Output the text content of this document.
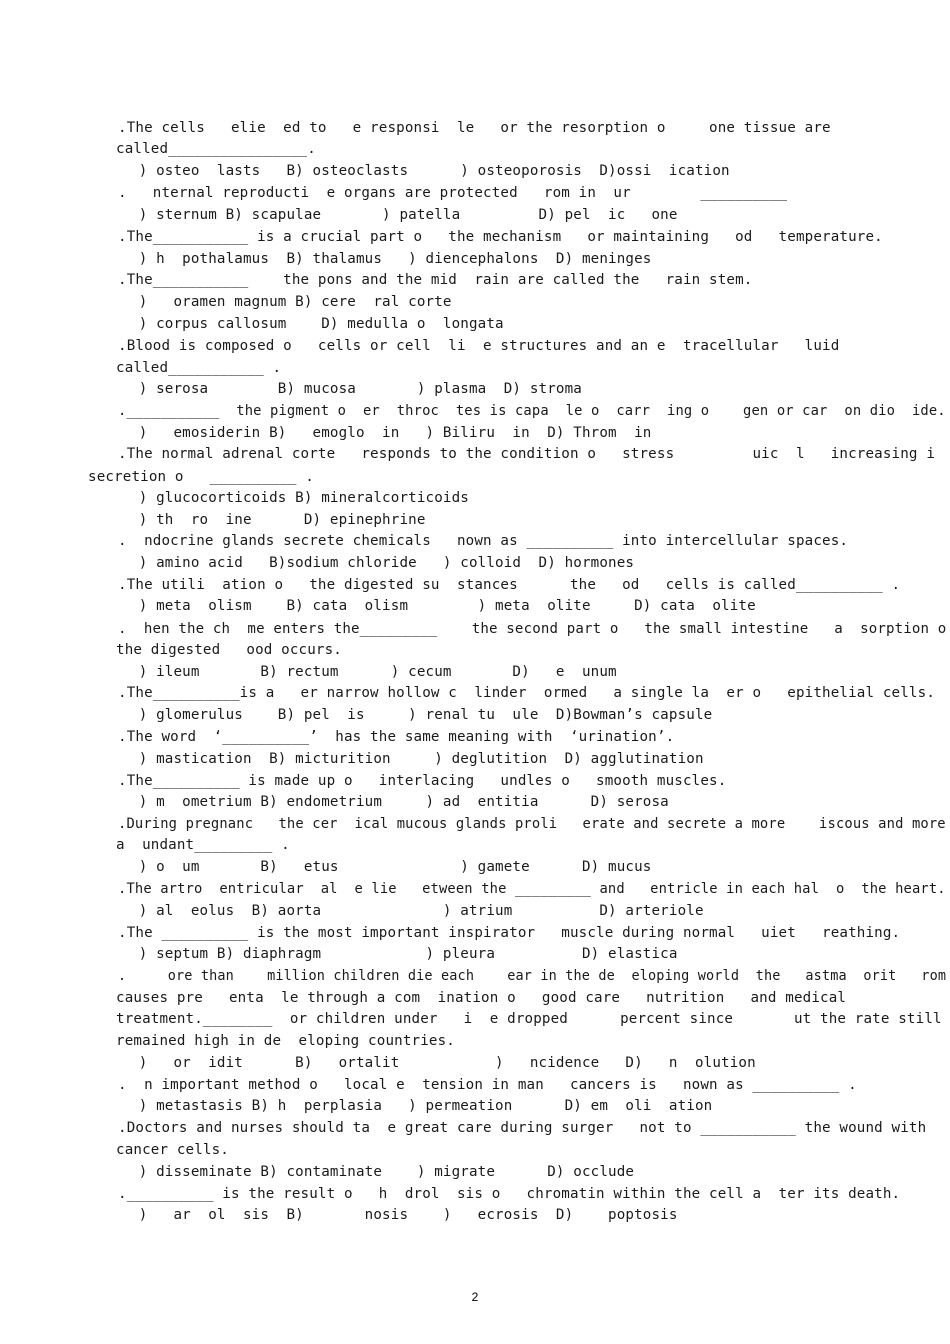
.The cells   elie  ed to   e responsi  le   or the resorption o     one tissue are

called________________.

) osteo  lasts   B) osteoclasts      ) osteoporosis  D)ossi  ication

.   nternal reproducti  e organs are protected   rom in  ur        __________

) sternum B) scapulae       ) patella         D) pel  ic   one

.The___________ is a crucial part o   the mechanism   or maintaining   od   temperature.

) h  pothalamus  B) thalamus   ) diencephalons  D) meninges

.The___________    the pons and the mid  rain are called the   rain stem.

)   oramen magnum B) cere  ral corte

) corpus callosum    D) medulla o  longata

.Blood is composed o   cells or cell  li  e structures and an e  tracellular   luid

called___________ .

) serosa        B) mucosa       ) plasma  D) stroma

.___________  the pigment o  er  throc  tes is capa  le o  carr  ing o    gen or car  on dio  ide.

)   emosiderin B)   emoglo  in   ) Biliru  in  D) Throm  in

.The normal adrenal corte   responds to the condition o   stress         uic  l   increasing i

secretion o   __________ .

) glucocorticoids B) mineralcorticoids

) th  ro  ine      D) epinephrine

.  ndocrine glands secrete chemicals   nown as __________ into intercellular spaces.

) amino acid   B)sodium chloride   ) colloid  D) hormones

.The utili  ation o   the digested su  stances      the   od   cells is called__________ .

) meta  olism    B) cata  olism        ) meta  olite     D) cata  olite

.  hen the ch  me enters the_________    the second part o   the small intestine   a  sorption o

the digested   ood occurs.

) ileum       B) rectum      ) cecum       D)   e  unum

.The__________is a   er narrow hollow c  linder  ormed   a single la  er o   epithelial cells.

) glomerulus    B) pel  is     ) renal tu  ule  D)Bowman’s capsule

.The word  ‘__________’  has the same meaning with  ‘urination’.

) mastication  B) micturition     ) deglutition  D) agglutination

.The__________ is made up o   interlacing   undles o   smooth muscles.

) m  ometrium B) endometrium     ) ad  entitia      D) serosa

.During pregnanc   the cer  ical mucous glands proli   erate and secrete a more    iscous and more

a  undant_________ .

) o  um       B)   etus              ) gamete      D) mucus

.The artro  entricular  al  e lie   etween the _________ and   entricle in each hal  o  the heart.

) al  eolus  B) aorta              ) atrium          D) arteriole

.The __________ is the most important inspirator   muscle during normal   uiet   reathing.

) septum B) diaphragm            ) pleura          D) elastica

.     ore than    million children die each    ear in the de  eloping world  the   astma  orit   rom

causes pre   enta  le through a com  ination o   good care   nutrition   and medical

treatment.________  or children under   i  e dropped      percent since       ut the rate still

remained high in de  eloping countries.

)   or  idit      B)   ortalit           )   ncidence   D)   n  olution

.  n important method o   local e  tension in man   cancers is   nown as __________ .

) metastasis B) h  perplasia   ) permeation      D) em  oli  ation

.Doctors and nurses should ta  e great care during surger   not to ___________ the wound with

cancer cells.

) disseminate B) contaminate    ) migrate      D) occlude

.__________ is the result o   h  drol  sis o   chromatin within the cell a  ter its death.

)   ar  ol  sis  B)       nosis    )   ecrosis  D)    poptosis

2
